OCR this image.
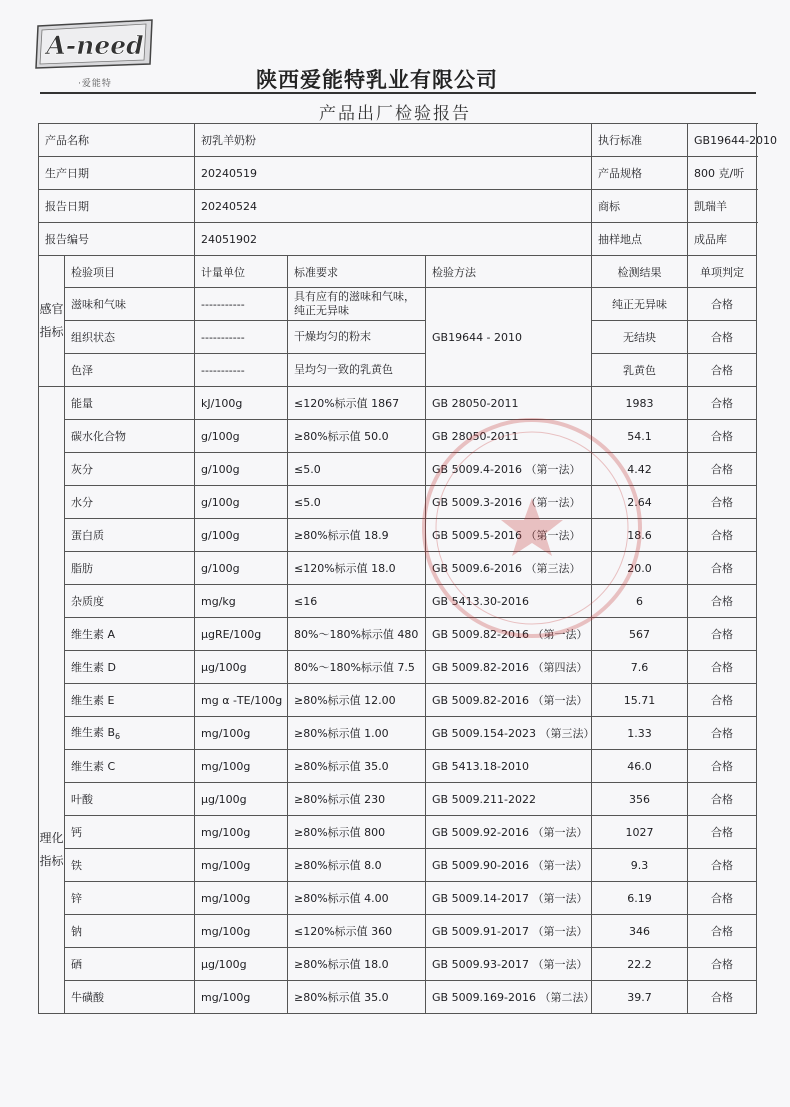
A-need
·爱能特	陕西爱能特乳业有限公司
产品出厂检验报告
产品名称		初乳羊奶粉			执行标准	GB19644-2010
生产日期		20240519			产品规格	800 克/听
报告日期		20240524			商标	凯瑞羊
报告编号		24051902			抽样地点	成品库
感官指标	检验项目	计量单位	标准要求	检验方法	检测结果	单项判定
	滋味和气味	-----------	具有应有的滋味和气味，纯正无异味	GB19644 - 2010	纯正无异味	合格
	组织状态	-----------	干燥均匀的粉末		无结块	合格
	色泽	-----------	呈均匀一致的乳黄色		乳黄色	合格
理化指标	能量	kJ/100g	≤120%标示值 1867	GB 28050-2011	1983	合格
	碳水化合物	g/100g	≥80%标示值 50.0	GB 28050-2011	54.1	合格
	灰分	g/100g	≤5.0	GB 5009.4-2016 （第一法）	4.42	合格
	水分	g/100g	≤5.0	GB 5009.3-2016 （第一法）	2.64	合格
	蛋白质	g/100g	≥80%标示值 18.9	GB 5009.5-2016 （第一法）	18.6	合格
	脂肪	g/100g	≤120%标示值 18.0	GB 5009.6-2016 （第三法）	20.0	合格
	杂质度	mg/kg	≤16	GB 5413.30-2016	6	合格
	维生素 A	μgRE/100g	80%～180%标示值 480	GB 5009.82-2016 （第一法）	567	合格
	维生素 D	μg/100g	80%～180%标示值 7.5	GB 5009.82-2016 （第四法）	7.6	合格
	维生素 E	mg α -TE/100g	≥80%标示值 12.00	GB 5009.82-2016 （第一法）	15.71	合格
	维生素 $B_6$	mg/100g	≥80%标示值 1.00	GB 5009.154-2023 （第三法）	1.33	合格
	维生素 C	mg/100g	≥80%标示值 35.0	GB 5413.18-2010	46.0	合格
	叶酸	μg/100g	≥80%标示值 230	GB 5009.211-2022	356	合格
	钙	mg/100g	≥80%标示值 800	GB 5009.92-2016 （第一法）	1027	合格
	铁	mg/100g	≥80%标示值 8.0	GB 5009.90-2016 （第一法）	9.3	合格
	锌	mg/100g	≥80%标示值 4.00	GB 5009.14-2017 （第一法）	6.19	合格
	钠	mg/100g	≤120%标示值 360	GB 5009.91-2017 （第一法）	346	合格
	硒	μg/100g	≥80%标示值 18.0	GB 5009.93-2017 （第一法）	22.2	合格
	牛磺酸	mg/100g	≥80%标示值 35.0	GB 5009.169-2016 （第二法）	39.7	合格
